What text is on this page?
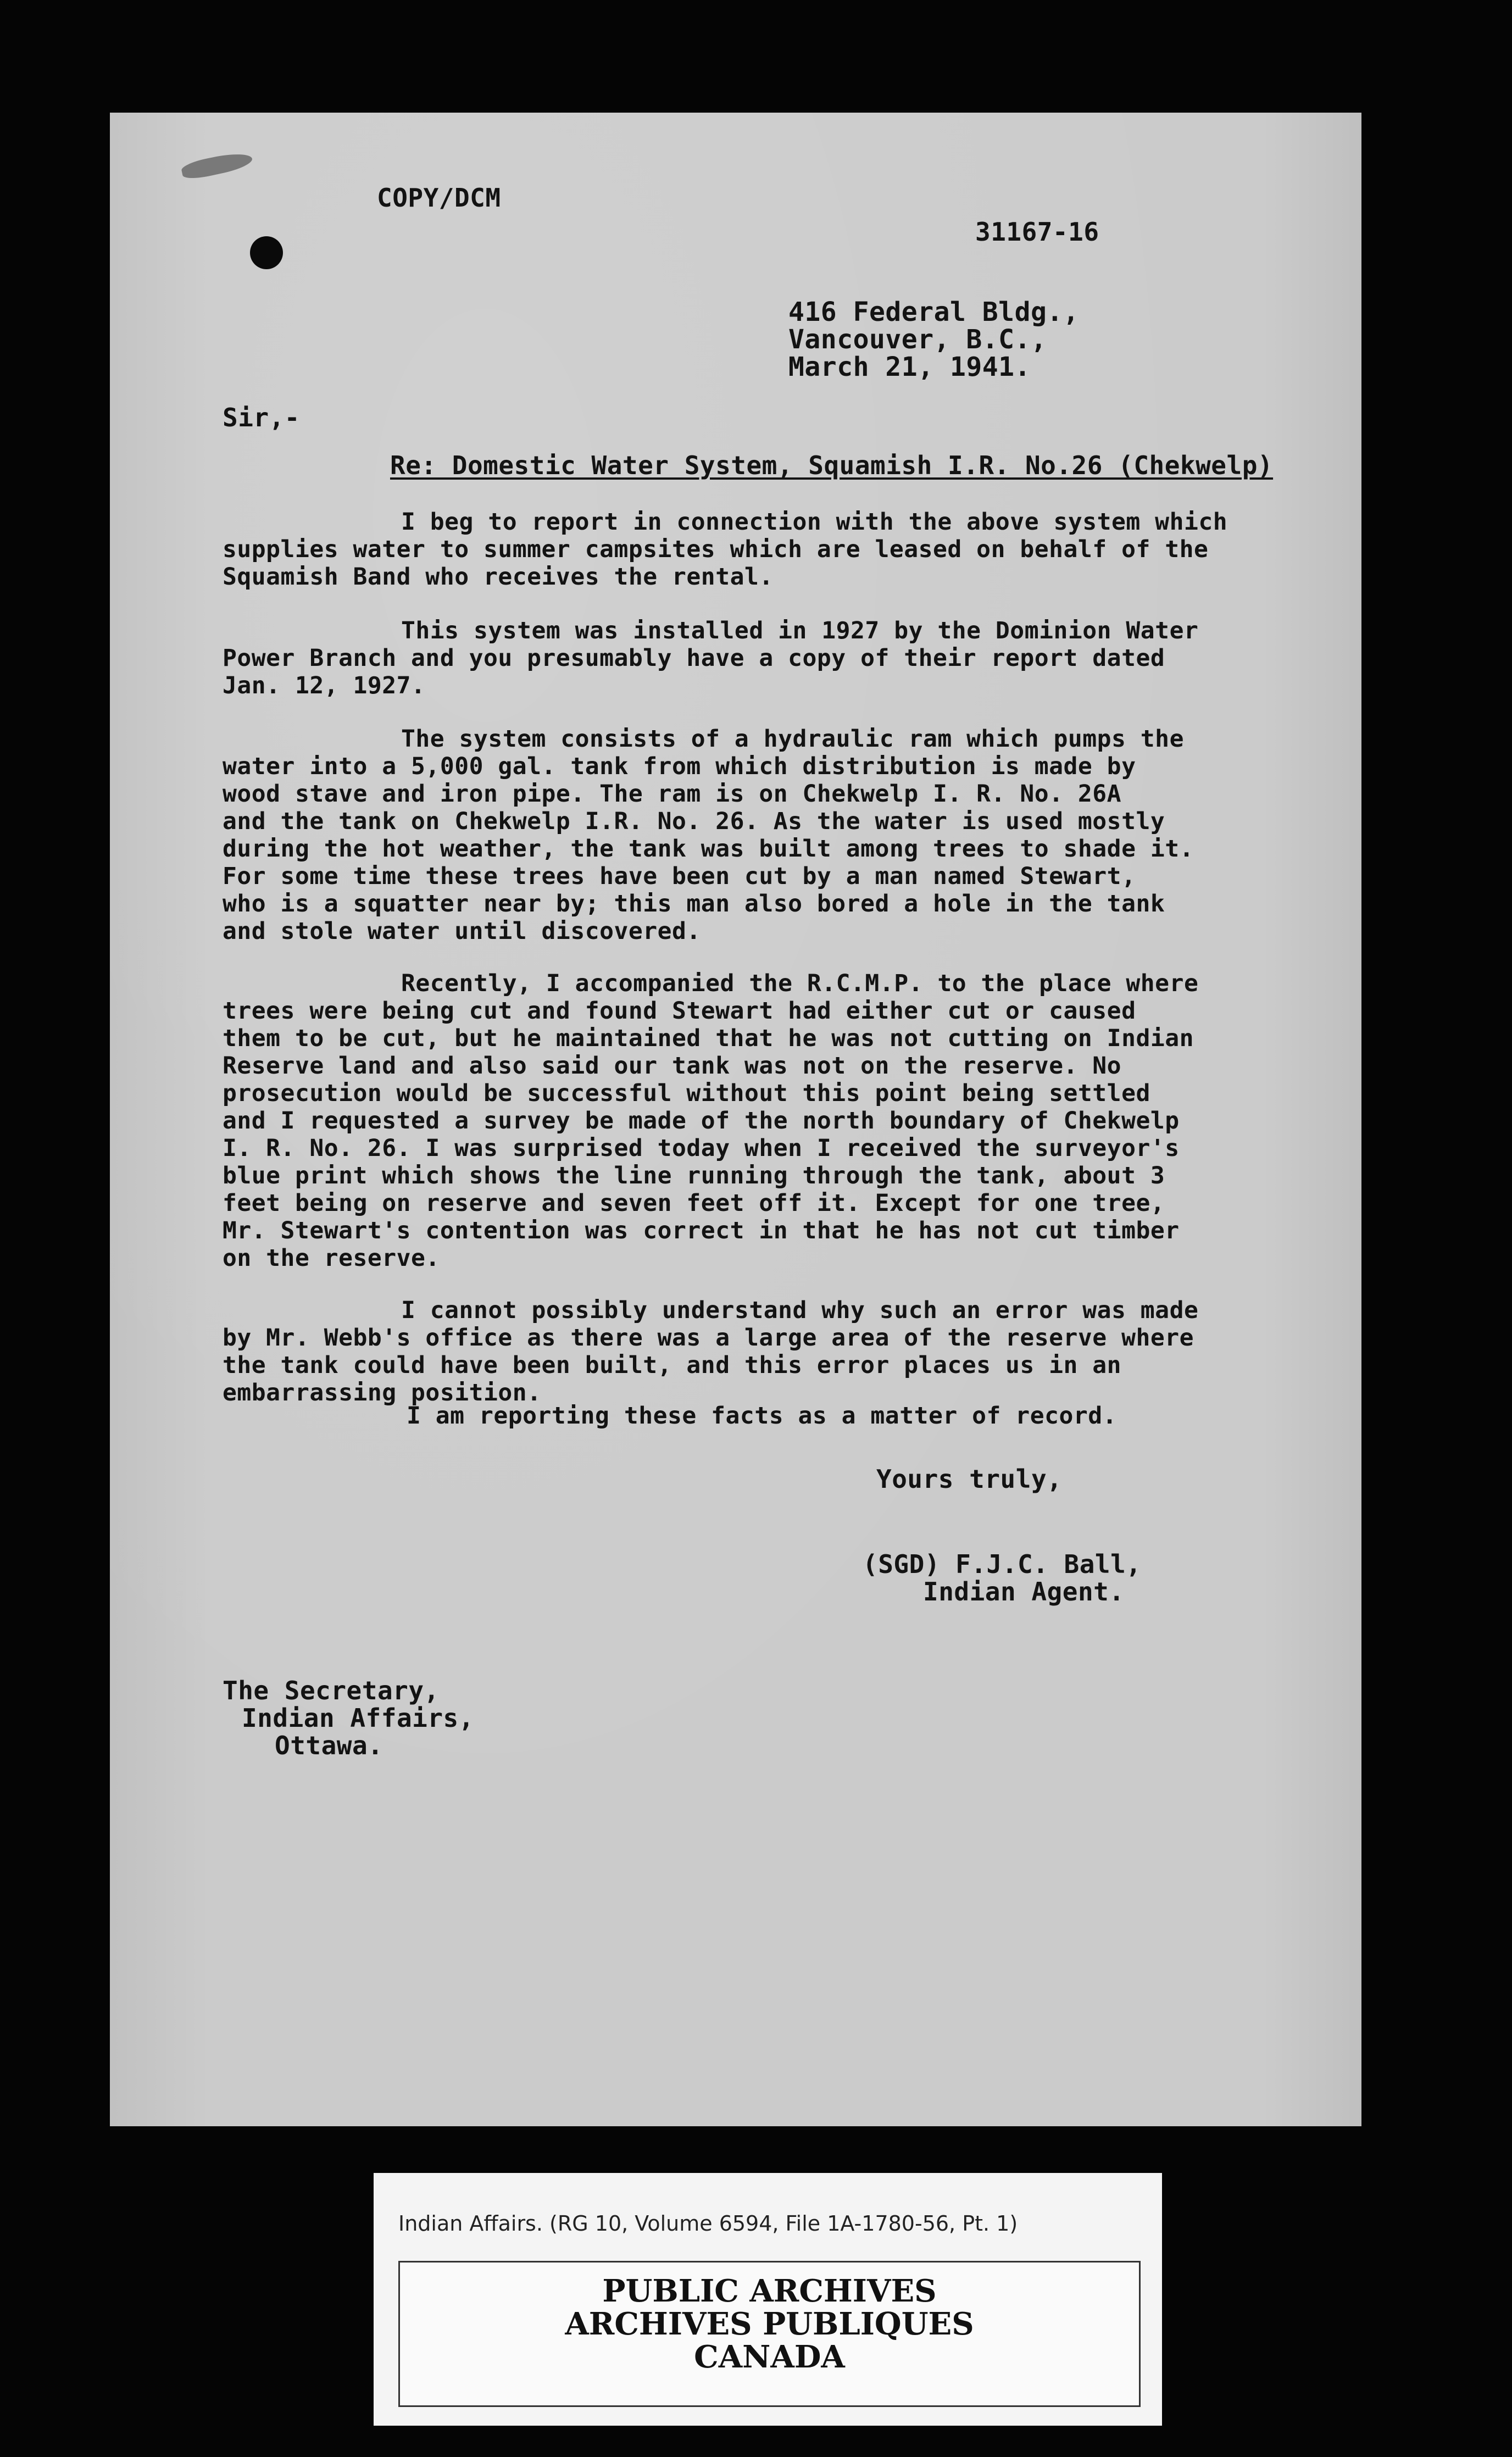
COPY/DCM

31167-16

416 Federal Bldg.,

Vancouver, B.C.,

March 21, 1941.

Sir,-

Re: Domestic Water System, Squamish I.R. No.26 (Chekwelp)

I beg to report in connection with the above system which

supplies water to summer campsites which are leased on behalf of the

Squamish Band who receives the rental.

This system was installed in 1927 by the Dominion Water

Power Branch and you presumably have a copy of their report dated

Jan. 12, 1927.

The system consists of a hydraulic ram which pumps the

water into a 5,000 gal. tank from which distribution is made by

wood stave and iron pipe. The ram is on Chekwelp I. R. No. 26A

and the tank on Chekwelp I.R. No. 26. As the water is used mostly

during the hot weather, the tank was built among trees to shade it.

For some time these trees have been cut by a man named Stewart,

who is a squatter near by; this man also bored a hole in the tank

and stole water until discovered.

Recently, I accompanied the R.C.M.P. to the place where

trees were being cut and found Stewart had either cut or caused

them to be cut, but he maintained that he was not cutting on Indian

Reserve land and also said our tank was not on the reserve. No

prosecution would be successful without this point being settled

and I requested a survey be made of the north boundary of Chekwelp

I. R. No. 26. I was surprised today when I received the surveyor's

blue print which shows the line running through the tank, about 3

feet being on reserve and seven feet off it. Except for one tree,

Mr. Stewart's contention was correct in that he has not cut timber

on the reserve.

I cannot possibly understand why such an error was made

by Mr. Webb's office as there was a large area of the reserve where

the tank could have been built, and this error places us in an

embarrassing position.

I am reporting these facts as a matter of record.

Yours truly,

(SGD) F.J.C. Ball,

Indian Agent.

The Secretary,

Indian Affairs,

Ottawa.

Indian Affairs. (RG 10, Volume 6594, File 1A-1780-56, Pt. 1)

PUBLIC ARCHIVES

ARCHIVES PUBLIQUES

CANADA
